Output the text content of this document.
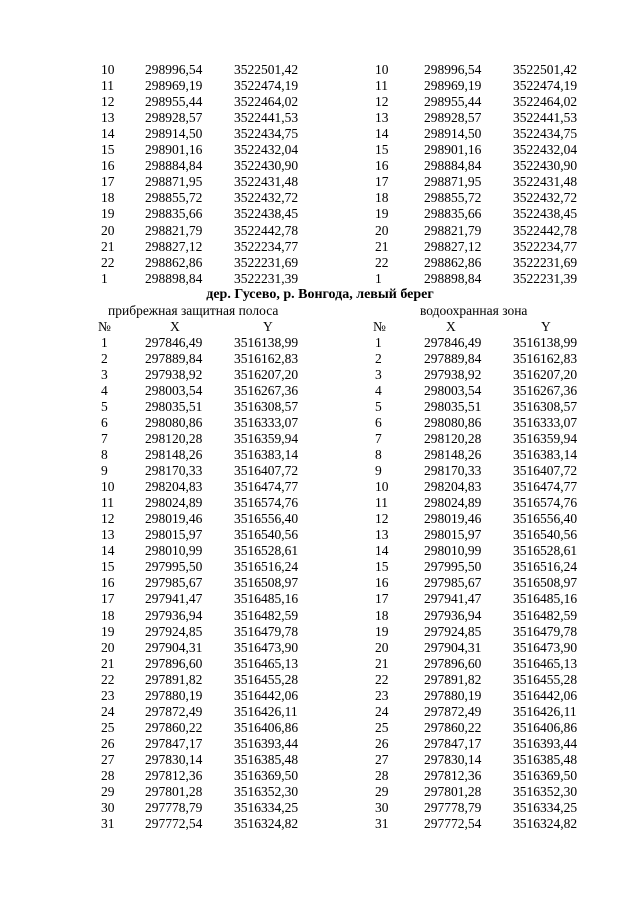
10 298996,54 3522501,42	10	298996,54 3522501,42
11 298969,19 3522474,19	11	298969,19 3522474,19
12 298955,44 3522464,02	12	298955,44 3522464,02
13 298928,57 3522441,53	13	298928,57 3522441,53
14 298914,50 3522434,75	14	298914,50 3522434,75
15 298901,16 3522432,04	15	298901,16 3522432,04
16 298884,84 3522430,90	16	298884,84 3522430,90
17 298871,95 3522431,48	17	298871,95 3522431,48
18 298855,72 3522432,72	18	298855,72 3522432,72
19 298835,66 3522438,45	19	298835,66 3522438,45
20 298821,79 3522442,78	20	298821,79 3522442,78
21 298827,12 3522234,77	21	298827,12 3522234,77
22 298862,86 3522231,69	22	298862,86 3522231,69
1	298898,84 3522231,39	1	298898,84 3522231,39
дер. Гусево, р. Вонгода, левый берег
прибрежная защитная полоса	водоохранная зона
№	X	Y	№	X	Y
1	297846,49 3516138,99	1	297846,49 3516138,99
2	297889,84 3516162,83	2	297889,84 3516162,83
3	297938,92 3516207,20	3	297938,92 3516207,20
4	298003,54 3516267,36	4	298003,54 3516267,36
5	298035,51 3516308,57	5	298035,51 3516308,57
6	298080,86 3516333,07	6	298080,86 3516333,07
7	298120,28 3516359,94	7	298120,28 3516359,94
8	298148,26 3516383,14	8	298148,26 3516383,14
9	298170,33 3516407,72	9	298170,33 3516407,72
10 298204,83 3516474,77	10	298204,83 3516474,77
11 298024,89 3516574,76	11	298024,89 3516574,76
12 298019,46 3516556,40	12	298019,46 3516556,40
13 298015,97 3516540,56	13	298015,97 3516540,56
14 298010,99 3516528,61	14	298010,99 3516528,61
15 297995,50 3516516,24	15	297995,50 3516516,24
16 297985,67 3516508,97	16	297985,67 3516508,97
17 297941,47 3516485,16	17	297941,47 3516485,16
18 297936,94 3516482,59	18	297936,94 3516482,59
19 297924,85 3516479,78	19	297924,85 3516479,78
20 297904,31 3516473,90	20	297904,31 3516473,90
21 297896,60 3516465,13	21	297896,60 3516465,13
22 297891,82 3516455,28	22	297891,82 3516455,28
23 297880,19 3516442,06	23	297880,19 3516442,06
24 297872,49 3516426,11	24	297872,49 3516426,11
25 297860,22 3516406,86	25	297860,22 3516406,86
26 297847,17 3516393,44	26	297847,17 3516393,44
27 297830,14 3516385,48	27	297830,14 3516385,48
28 297812,36 3516369,50	28	297812,36 3516369,50
29 297801,28 3516352,30	29	297801,28 3516352,30
30 297778,79 3516334,25	30	297778,79 3516334,25
31 297772,54 3516324,82	31	297772,54 3516324,82
